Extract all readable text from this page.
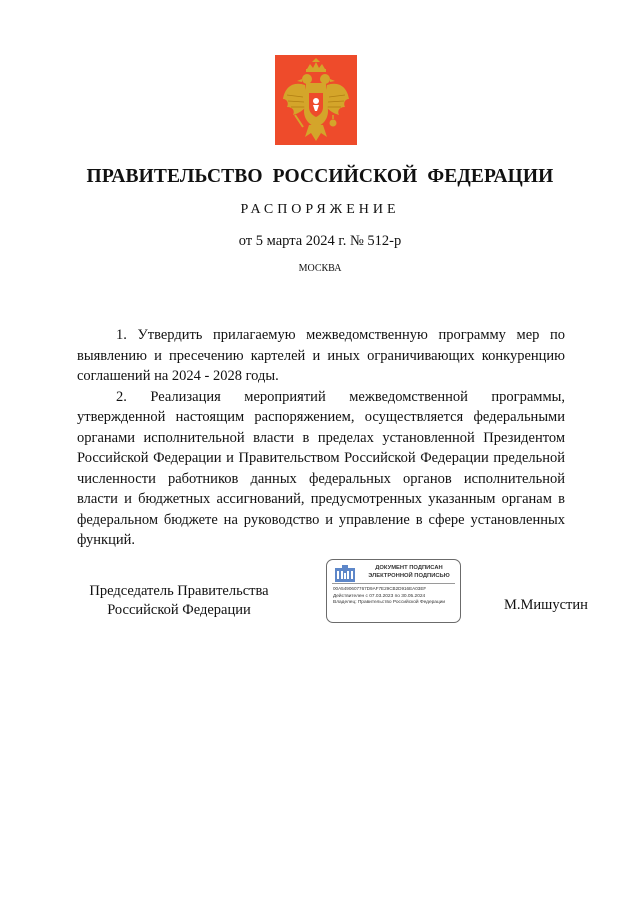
ПРАВИТЕЛЬСТВО РОССИЙСКОЙ ФЕДЕРАЦИИ
РАСПОРЯЖЕНИЕ
от 5 марта 2024 г. № 512-р
МОСКВА

1. Утвердить прилагаемую межведомственную программу мер по выявлению и пресечению картелей и иных ограничивающих конкуренцию соглашений на 2024 - 2028 годы.

2. Реализация мероприятий межведомственной программы, утвержденной настоящим распоряжением, осуществляется федеральными органами исполнительной власти в пределах установленной Президентом Российской Федерации и Правительством Российской Федерации предельной численности работников данных федеральных органов исполнительной власти и бюджетных ассигнований, предусмотренных указанным органам в федеральном бюджете на руководство и управление в сфере установленных функций.

Председатель Правительства
Российской Федерации
ДОКУМЕНТ ПОДПИСАН
ЭЛЕКТРОННОЙ ПОДПИСЬЮ
00A5490607767D9AF7E29CB2D916EA03EF
Действителен с 07.03.2023 по 30.05.2024
Владелец: Правительство Российской Федерации	М.Мишустин
